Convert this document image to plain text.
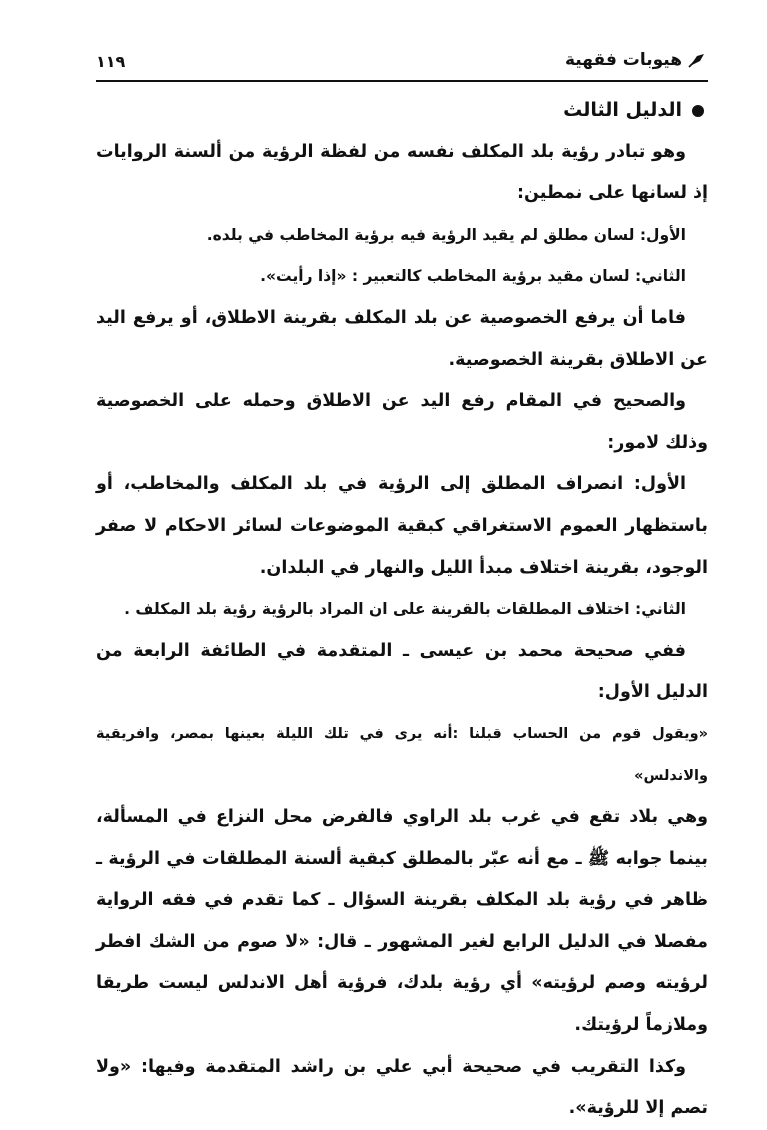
هيوبات فقهية
١١٩
الدليل الثالث

وهو تبادر رؤية بلد المكلف نفسه من لفظة الرؤية من ألسنة الروايات إذ لسانها على نمطين:

الأول: لسان مطلق لم يقيد الرؤية فيه برؤية المخاطب في بلده.

الثاني: لسان مقيد برؤية المخاطب كالتعبير : «إذا رأيت».

فاما أن يرفع الخصوصية عن بلد المكلف بقرينة الاطلاق، أو يرفع اليد عن الاطلاق بقرينة الخصوصية.

والصحيح في المقام رفع اليد عن الاطلاق وحمله على الخصوصية وذلك لامور:

الأول: انصراف المطلق إلى الرؤية في بلد المكلف والمخاطب، أو باستظهار العموم الاستغراقي كبقية الموضوعات لسائر الاحكام لا صفر الوجود، بقرينة اختلاف مبدأ الليل والنهار في البلدان.

الثاني: اختلاف المطلقات بالقرينة على ان المراد بالرؤية رؤية بلد المكلف .

ففي صحيحة محمد بن عيسى ـ المتقدمة في الطائفة الرابعة من الدليل الأول:

«ويقول قوم من الحساب قبلنا :أنه يرى في تلك الليلة بعينها بمصر، وافريقية والاندلس»

وهي بلاد تقع في غرب بلد الراوي فالفرض محل النزاع في المسألة، بينما جوابه ﷺ ـ مع أنه عبّر بالمطلق كبقية ألسنة المطلقات في الرؤية ـ ظاهر في رؤية بلد المكلف بقرينة السؤال ـ كما تقدم في فقه الرواية مفصلا في الدليل الرابع لغير المشهور ـ قال: «لا صوم من الشك افطر لرؤيته وصم لرؤيته» أي رؤية بلدك، فرؤية أهل الاندلس ليست طريقا وملازماً لرؤيتك.

وكذا التقريب في صحيحة أبي علي بن راشد المتقدمة وفيها: «ولا تصم إلا للرؤية».
